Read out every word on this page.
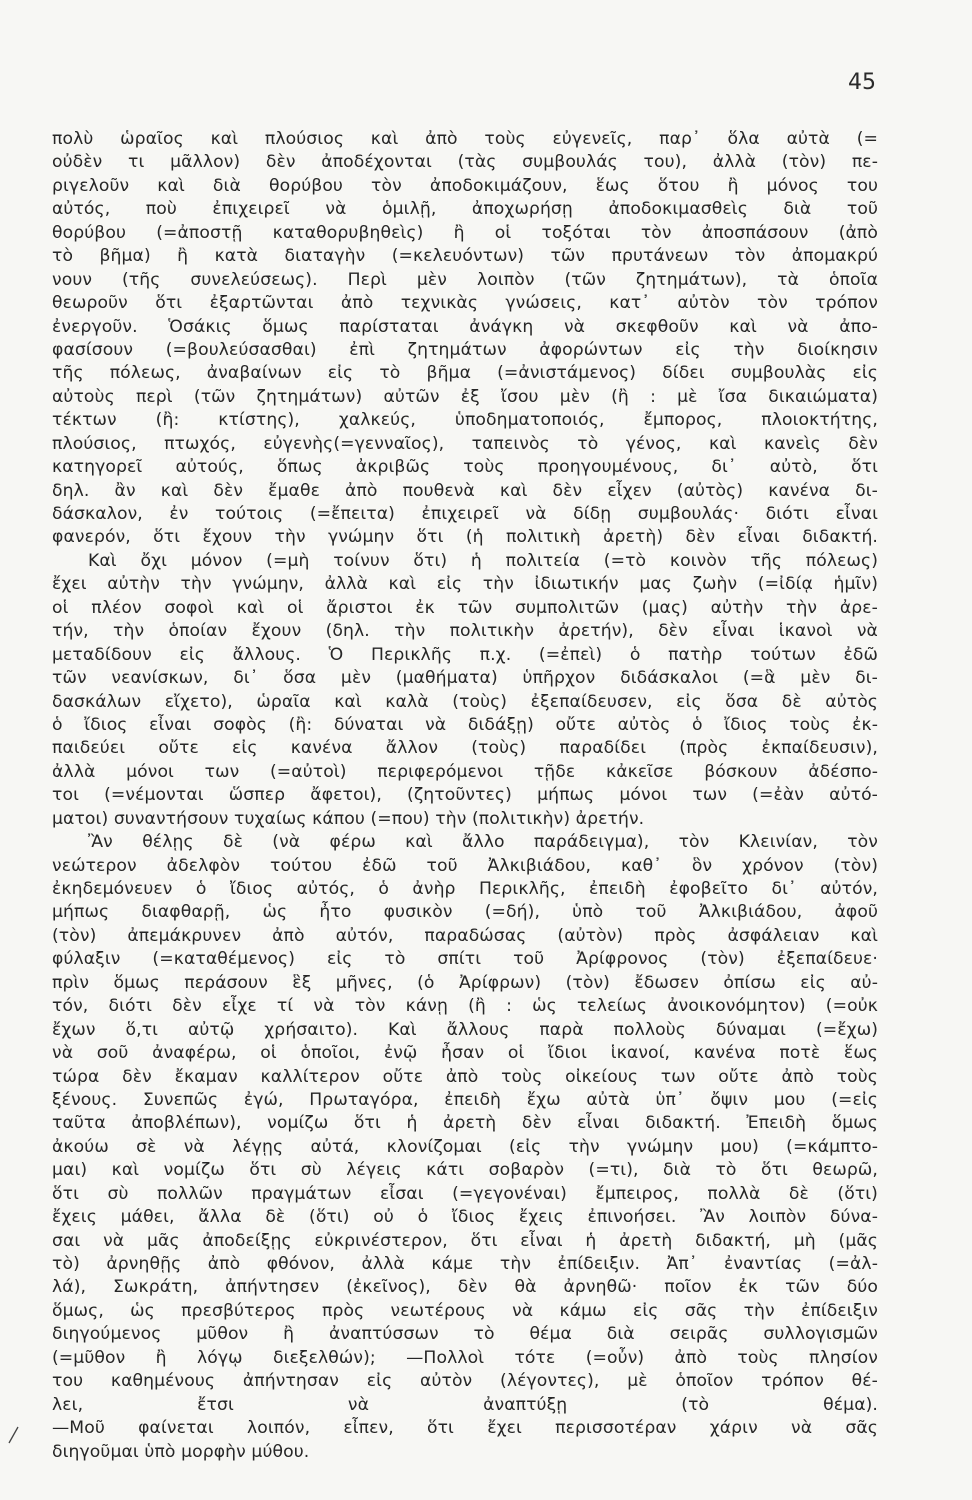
45
πολὺ ὡραῖος καὶ πλούσιος καὶ ἀπὸ τοὺς εὐγενεῖς, παρ᾽ ὅλα αὐτὰ (=
οὐδὲν τι μᾶλλον) δὲν ἀποδέχονται (τὰς συμβουλάς του), ἀλλὰ (τὸν) πε-
ριγελοῦν καὶ διὰ θορύβου τὸν ἀποδοκιμάζουν, ἕως ὅτου ἢ μόνος του
αὐτός, ποὺ ἐπιχειρεῖ νὰ ὁμιλῇ, ἀποχωρήσῃ ἀποδοκιμασθεὶς διὰ τοῦ
θορύβου (=ἀποστῇ καταθορυβηθεὶς) ἢ οἱ τοξόται τὸν ἀποσπάσουν (ἀπὸ
τὸ βῆμα) ἢ κατὰ διαταγὴν (=κελευόντων) τῶν πρυτάνεων τὸν ἀπομακρύ
νουν (τῆς συνελεύσεως). Περὶ μὲν λοιπὸν (τῶν ζητημάτων), τὰ ὁποῖα
θεωροῦν ὅτι ἐξαρτῶνται ἀπὸ τεχνικὰς γνώσεις, κατ᾽ αὐτὸν τὸν τρόπον
ἐνεργοῦν. Ὁσάκις ὅμως παρίσταται ἀνάγκη νὰ σκεφθοῦν καὶ νὰ ἀπο-
φασίσουν (=βουλεύσασθαι) ἐπὶ ζητημάτων ἀφορώντων εἰς τὴν διοίκησιν
τῆς πόλεως, ἀναβαίνων εἰς τὸ βῆμα (=ἀνιστάμενος) δίδει συμβουλὰς εἰς
αὐτοὺς περὶ (τῶν ζητημάτων) αὐτῶν ἐξ ἴσου μὲν (ἢ : μὲ ἴσα δικαιώματα)
τέκτων (ἢ: κτίστης), χαλκεύς, ὑποδηματοποιός, ἔμπορος, πλοιοκτήτης,
πλούσιος, πτωχός, εὐγενὴς(=γενναῖος), ταπεινὸς τὸ γένος, καὶ κανεὶς δὲν
κατηγορεῖ αὐτούς, ὅπως ἀκριβῶς τοὺς προηγουμένους, δι᾽ αὐτὸ, ὅτι
δηλ. ἂν καὶ δὲν ἔμαθε ἀπὸ πουθενὰ καὶ δὲν εἶχεν (αὐτὸς) κανένα δι-
δάσκαλον, ἐν τούτοις (=ἔπειτα) ἐπιχειρεῖ νὰ δίδῃ συμβουλάς· διότι εἶναι
φανερόν, ὅτι ἔχουν τὴν γνώμην ὅτι (ἡ πολιτικὴ ἀρετὴ) δὲν εἶναι διδακτή.
Καὶ ὄχι μόνον (=μὴ τοίνυν ὅτι) ἡ πολιτεία (=τὸ κοινὸν τῆς πόλεως)
ἔχει αὐτὴν τὴν γνώμην, ἀλλὰ καὶ εἰς τὴν ἰδιωτικήν μας ζωὴν (=ἰδίᾳ ἡμῖν)
οἱ πλέον σοφοὶ καὶ οἱ ἄριστοι ἐκ τῶν συμπολιτῶν (μας) αὐτὴν τὴν ἀρε-
τήν, τὴν ὁποίαν ἔχουν (δηλ. τὴν πολιτικὴν ἀρετήν), δὲν εἶναι ἱκανοὶ νὰ
μεταδίδουν εἰς ἄλλους. Ὁ Περικλῆς π.χ. (=ἐπεὶ) ὁ πατὴρ τούτων ἐδῶ
τῶν νεανίσκων, δι᾽ ὅσα μὲν (μαθήματα) ὑπῆρχον διδάσκαλοι (=ἃ μὲν δι-
δασκάλων εἴχετο), ὡραῖα καὶ καλὰ (τοὺς) ἐξεπαίδευσεν, εἰς ὅσα δὲ αὐτὸς
ὁ ἴδιος εἶναι σοφὸς (ἢ: δύναται νὰ διδάξῃ) οὔτε αὐτὸς ὁ ἴδιος τοὺς ἐκ-
παιδεύει οὔτε εἰς κανένα ἄλλον (τοὺς) παραδίδει (πρὸς ἐκπαίδευσιν),
ἀλλὰ μόνοι των (=αὐτοὶ) περιφερόμενοι τῇδε κἀκεῖσε βόσκουν ἀδέσπο-
τοι (=νέμονται ὥσπερ ἄφετοι), (ζητοῦντες) μήπως μόνοι των (=ἐὰν αὐτό-
ματοι) συναντήσουν τυχαίως κάπου (=που) τὴν (πολιτικὴν) ἀρετήν.
Ἂν θέλῃς δὲ (νὰ φέρω καὶ ἄλλο παράδειγμα), τὸν Κλεινίαν, τὸν
νεώτερον ἀδελφὸν τούτου ἐδῶ τοῦ Ἀλκιβιάδου, καθ᾽ ὃν χρόνον (τὸν)
ἐκηδεμόνευεν ὁ ἴδιος αὐτός, ὁ ἀνὴρ Περικλῆς, ἐπειδὴ ἐφοβεῖτο δι᾽ αὐτόν,
μήπως διαφθαρῇ, ὡς ἦτο φυσικὸν (=δή), ὑπὸ τοῦ Ἀλκιβιάδου, ἀφοῦ
(τὸν) ἀπεμάκρυνεν ἀπὸ αὐτόν, παραδώσας (αὐτὸν) πρὸς ἀσφάλειαν καὶ
φύλαξιν (=καταθέμενος) εἰς τὸ σπίτι τοῦ Ἀρίφρονος (τὸν) ἐξεπαίδευε·
πρὶν ὅμως περάσουν ἓξ μῆνες, (ὁ Ἀρίφρων) (τὸν) ἔδωσεν ὀπίσω εἰς αὐ-
τόν, διότι δὲν εἶχε τί νὰ τὸν κάνῃ (ἢ : ὡς τελείως ἀνοικονόμητον) (=οὐκ
ἔχων ὅ,τι αὐτῷ χρήσαιτο). Καὶ ἄλλους παρὰ πολλοὺς δύναμαι (=ἔχω)
νὰ σοῦ ἀναφέρω, οἱ ὁποῖοι, ἐνῷ ἦσαν οἱ ἴδιοι ἱκανοί, κανένα ποτὲ ἕως
τώρα δὲν ἔκαμαν καλλίτερον οὔτε ἀπὸ τοὺς οἰκείους των οὔτε ἀπὸ τοὺς
ξένους. Συνεπῶς ἐγώ, Πρωταγόρα, ἐπειδὴ ἔχω αὐτὰ ὑπ᾽ ὄψιν μου (=εἰς
ταῦτα ἀποβλέπων), νομίζω ὅτι ἡ ἀρετὴ δὲν εἶναι διδακτή. Ἐπειδὴ ὅμως
ἀκούω σὲ νὰ λέγῃς αὐτά, κλονίζομαι (εἰς τὴν γνώμην μου) (=κάμπτο-
μαι) καὶ νομίζω ὅτι σὺ λέγεις κάτι σοβαρὸν (=τι), διὰ τὸ ὅτι θεωρῶ,
ὅτι σὺ πολλῶν πραγμάτων εἶσαι (=γεγονέναι) ἔμπειρος, πολλὰ δὲ (ὅτι)
ἔχεις μάθει, ἄλλα δὲ (ὅτι) οὐ ὁ ἴδιος ἔχεις ἐπινοήσει. Ἂν λοιπὸν δύνα-
σαι νὰ μᾶς ἀποδείξῃς εὐκρινέστερον, ὅτι εἶναι ἡ ἀρετὴ διδακτή, μὴ (μᾶς
τὸ) ἀρνηθῇς ἀπὸ φθόνον, ἀλλὰ κάμε τὴν ἐπίδειξιν. Ἀπ᾽ ἐναντίας (=ἀλ-
λά), Σωκράτη, ἀπήντησεν (ἐκεῖνος), δὲν θὰ ἀρνηθῶ· ποῖον ἐκ τῶν δύο
ὅμως, ὡς πρεσβύτερος πρὸς νεωτέρους νὰ κάμω εἰς σᾶς τὴν ἐπίδειξιν
διηγούμενος μῦθον ἢ ἀναπτύσσων τὸ θέμα διὰ σειρᾶς συλλογισμῶν
(=μῦθον ἢ λόγῳ διεξελθών); —Πολλοὶ τότε (=οὖν) ἀπὸ τοὺς πλησίον
του καθημένους ἀπήντησαν εἰς αὐτὸν (λέγοντες), μὲ ὁποῖον τρόπον θέ-
λει, ἔτσι νὰ ἀναπτύξῃ (τὸ θέμα).
—Μοῦ φαίνεται λοιπόν, εἶπεν, ὅτι ἔχει περισσοτέραν χάριν νὰ σᾶς
διηγοῦμαι ὑπὸ μορφὴν μύθου.
